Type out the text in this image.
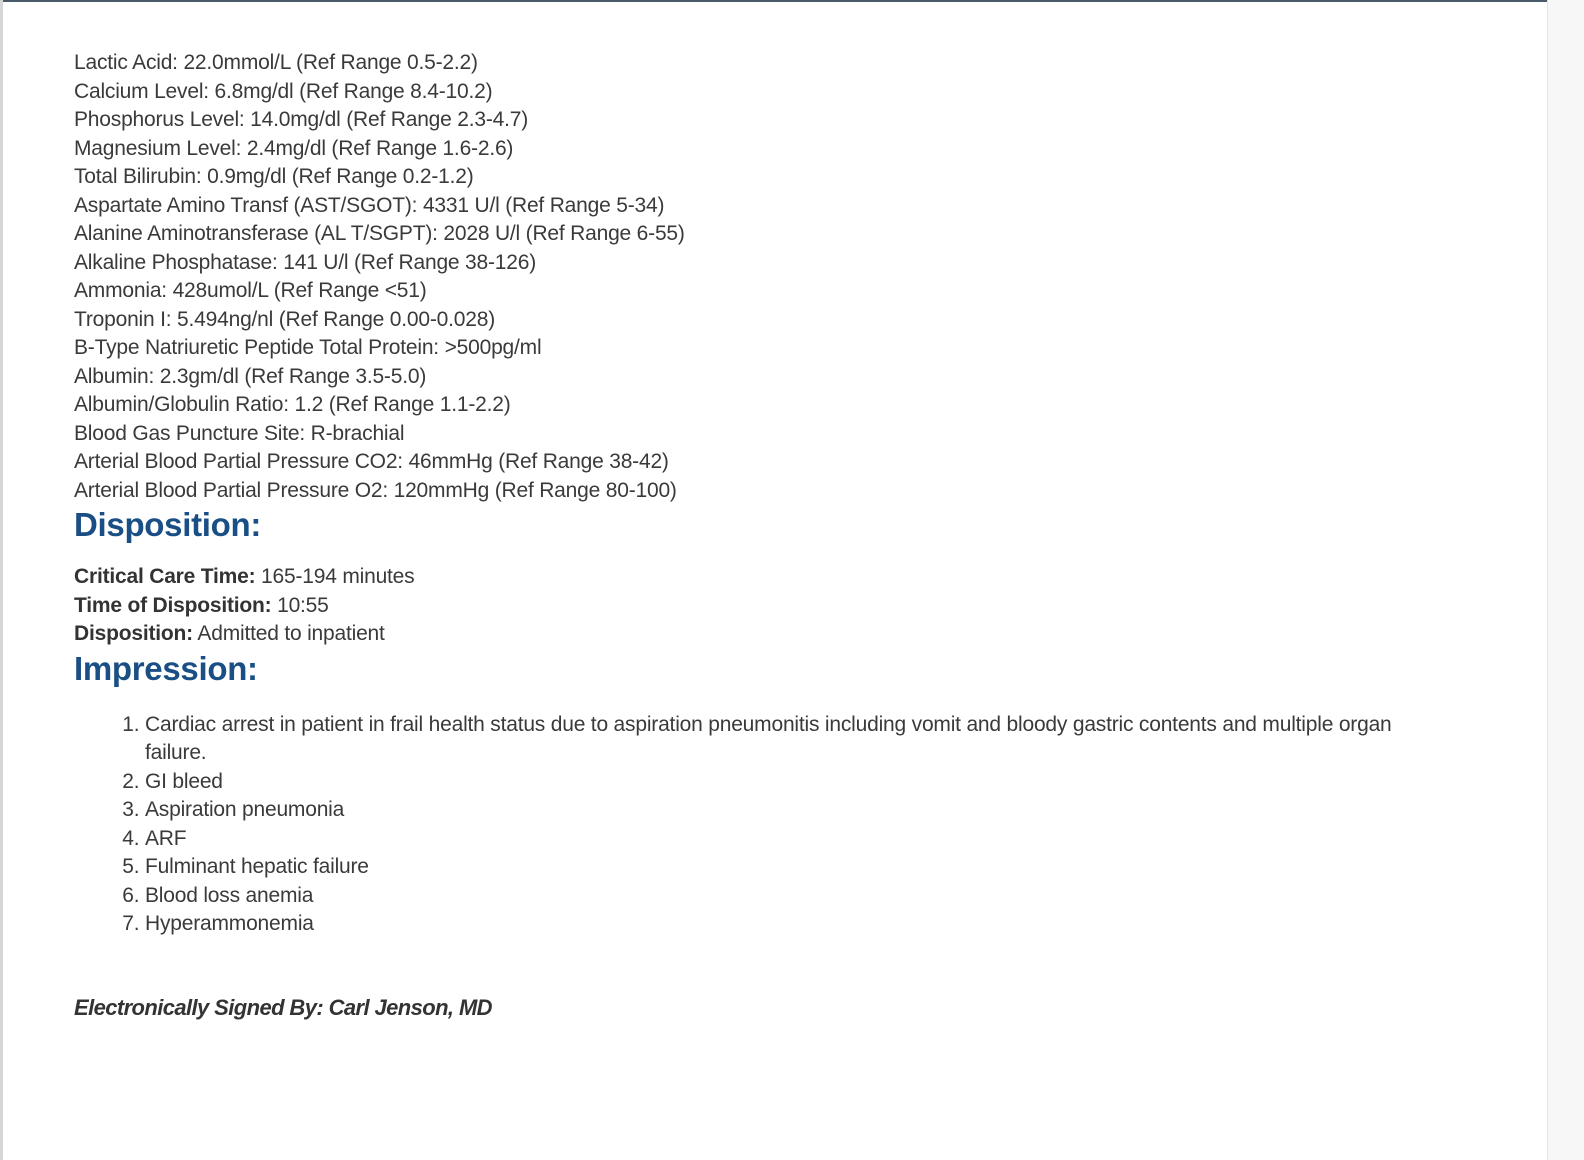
Lactic Acid: 22.0mmol/L (Ref Range 0.5-2.2)
Calcium Level: 6.8mg/dl (Ref Range 8.4-10.2)
Phosphorus Level: 14.0mg/dl (Ref Range 2.3-4.7)
Magnesium Level: 2.4mg/dl (Ref Range 1.6-2.6)
Total Bilirubin: 0.9mg/dl (Ref Range 0.2-1.2)
Aspartate Amino Transf (AST/SGOT): 4331 U/l (Ref Range 5-34)
Alanine Aminotransferase (AL T/SGPT): 2028 U/l (Ref Range 6-55)
Alkaline Phosphatase: 141 U/l (Ref Range 38-126)
Ammonia: 428umol/L (Ref Range <51)
Troponin I: 5.494ng/nl (Ref Range 0.00-0.028)
B-Type Natriuretic Peptide Total Protein: >500pg/ml
Albumin: 2.3gm/dl (Ref Range 3.5-5.0)
Albumin/Globulin Ratio: 1.2 (Ref Range 1.1-2.2)
Blood Gas Puncture Site: R-brachial
Arterial Blood Partial Pressure CO2: 46mmHg (Ref Range 38-42)
Arterial Blood Partial Pressure O2: 120mmHg (Ref Range 80-100)
Disposition:
Critical Care Time: 165-194 minutes
Time of Disposition: 10:55
Disposition: Admitted to inpatient
Impression:
1. Cardiac arrest in patient in frail health status due to aspiration pneumonitis including vomit and bloody gastric contents and multiple organ failure.
2. GI bleed
3. Aspiration pneumonia
4. ARF
5. Fulminant hepatic failure
6. Blood loss anemia
7. Hyperammonemia
Electronically Signed By: Carl Jenson, MD
